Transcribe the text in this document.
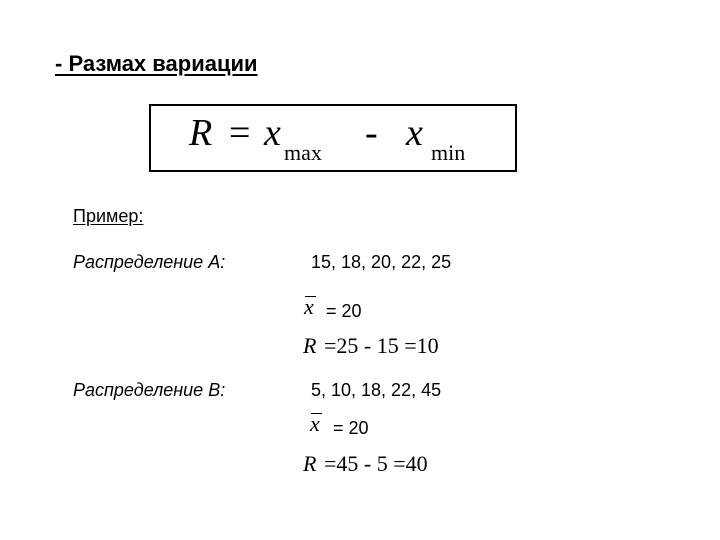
- Размах вариации
R = x max - x min
Пример:
Распределение А:	15, 18, 20, 22, 25
x = 20
R =25 - 15 =10
Распределение В:	5, 10, 18, 22, 45
x = 20
R =45 - 5 =40
